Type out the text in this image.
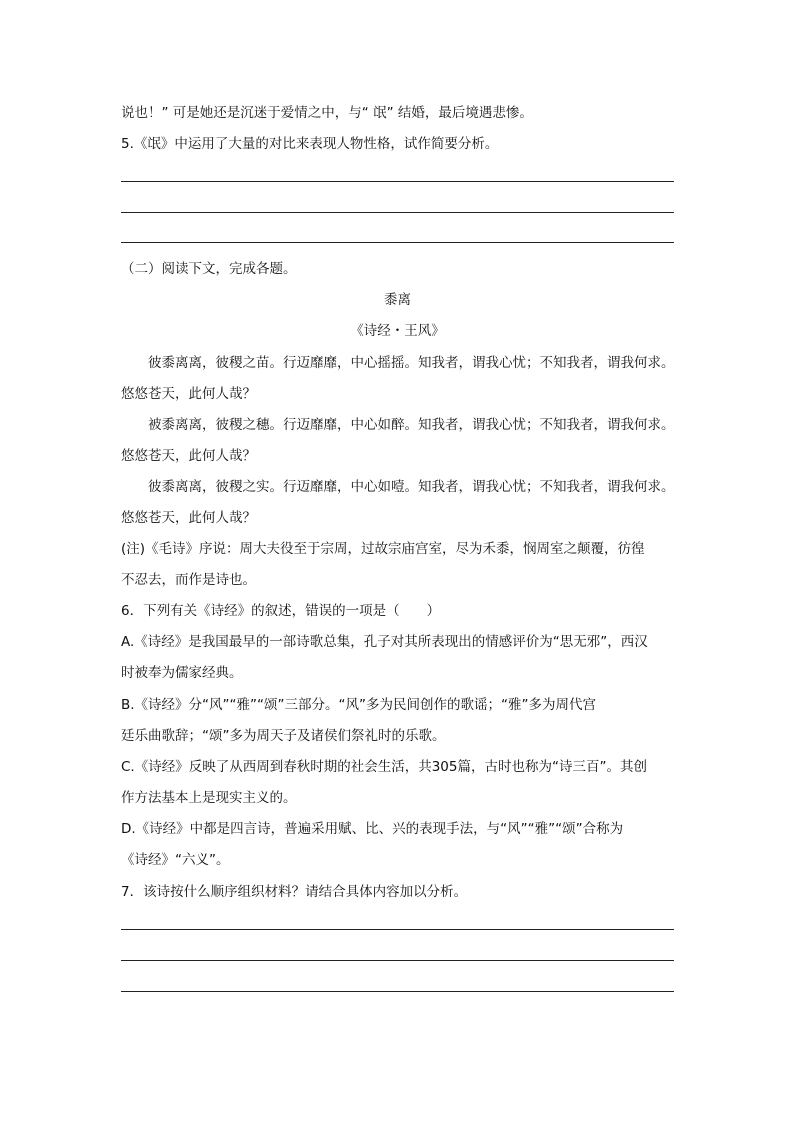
说也！” 可是她还是沉迷于爱情之中，与“ 氓” 结婚，最后境遇悲惨。
5.《氓》中运用了大量的对比来表现人物性格，试作简要分析。
（二）阅读下文，完成各题。
黍离
《诗经・王风》
彼黍离离，彼稷之苗。行迈靡靡，中心摇摇。知我者，谓我心忧；不知我者，谓我何求。
悠悠苍天，此何人哉？
被黍离离，彼稷之穗。行迈靡靡，中心如醉。知我者，谓我心忧；不知我者，谓我何求。
悠悠苍天，此何人哉？
彼黍离离，彼稷之实。行迈靡靡，中心如噎。知我者，谓我心忧；不知我者，谓我何求。
悠悠苍天，此何人哉？
(注)《毛诗》序说：周大夫役至于宗周，过故宗庙宫室，尽为禾黍，悯周室之颠覆，彷徨
不忍去，而作是诗也。
6．下列有关《诗经》的叙述，错误的一项是（　　）
A.《诗经》是我国最早的一部诗歌总集，孔子对其所表现出的情感评价为“思无邪”，西汉
时被奉为儒家经典。
B.《诗经》分“风”“雅”“颂”三部分。“风”多为民间创作的歌谣；“雅”多为周代宫
廷乐曲歌辞；“颂”多为周天子及诸侯们祭礼时的乐歌。
C.《诗经》反映了从西周到春秋时期的社会生活，共305篇，古时也称为“诗三百”。其创
作方法基本上是现实主义的。
D.《诗经》中都是四言诗，普遍采用赋、比、兴的表现手法，与“风”“雅”“颂”合称为
《诗经》“六义”。
7．该诗按什么顺序组织材料？请结合具体内容加以分析。
